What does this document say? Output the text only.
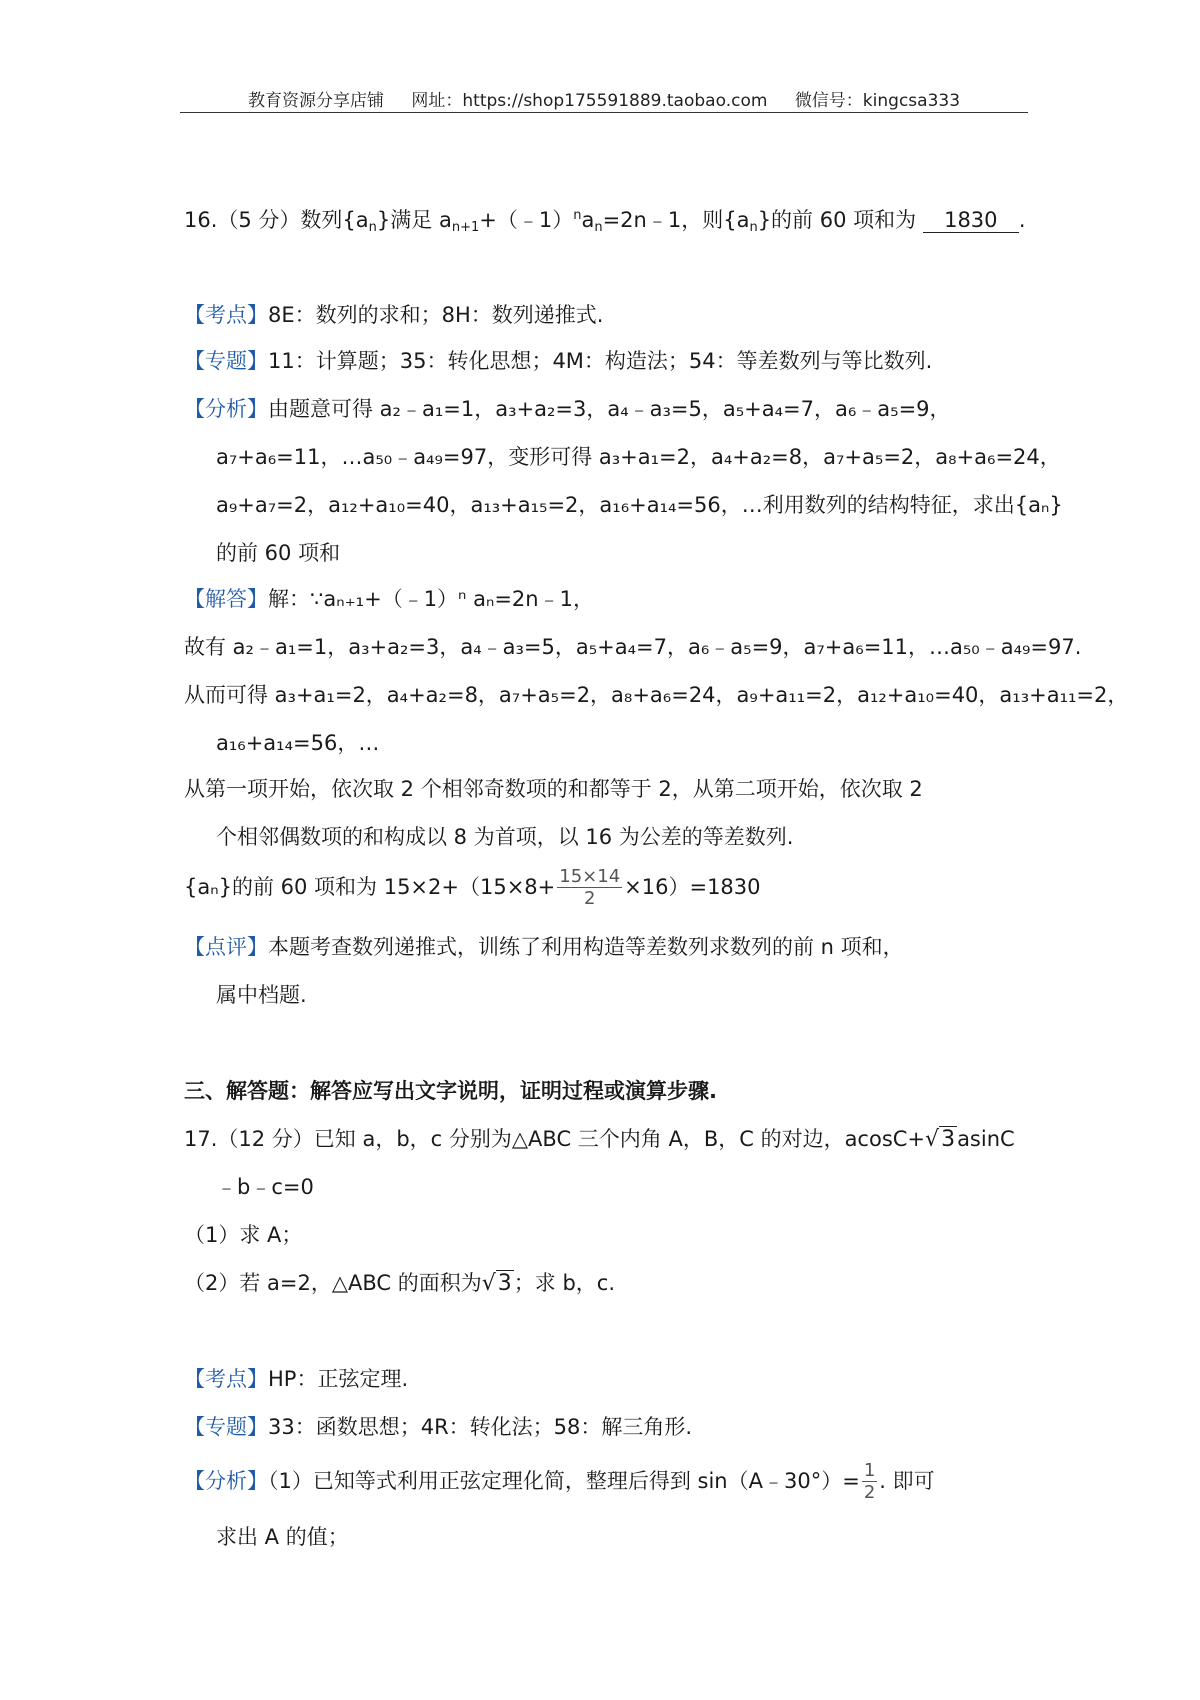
教育资源分享店铺 网址：https://shop175591889.taobao.com 微信号：kingcsa333
16.（5 分）数列$\{a_n\}$满足 $a_{n+1}+(﹣1)^na_n=2n﹣1$，则$\{a_n\}$的前 60 项和为 1830 .
【考点】8E：数列的求和；8H：数列递推式.
【专题】11：计算题；35：转化思想；4M：构造法；54：等差数列与等比数列.
【分析】由题意可得 a₂﹣a₁=1，a₃+a₂=3，a₄﹣a₃=5，a₅+a₄=7，a₆﹣a₅=9，
a₇+a₆=11，…a₅₀﹣a₄₉=97，变形可得 a₃+a₁=2，a₄+a₂=8，a₇+a₅=2，a₈+a₆=24，
a₉+a₇=2，a₁₂+a₁₀=40，a₁₃+a₁₅=2，a₁₆+a₁₄=56，…利用数列的结构特征，求出{aₙ}
的前 60 项和
【解答】解：∵aₙ₊₁+（﹣1）ⁿ aₙ=2n﹣1，
故有 a₂﹣a₁=1，a₃+a₂=3，a₄﹣a₃=5，a₅+a₄=7，a₆﹣a₅=9，a₇+a₆=11，…a₅₀﹣a₄₉=97.
从而可得 a₃+a₁=2，a₄+a₂=8，a₇+a₅=2，a₈+a₆=24，a₉+a₁₁=2，a₁₂+a₁₀=40，a₁₃+a₁₁=2，
a₁₆+a₁₄=56，…
从第一项开始，依次取 2 个相邻奇数项的和都等于 2，从第二项开始，依次取 2
个相邻偶数项的和构成以 8 为首项，以 16 为公差的等差数列.
{aₙ}的前 60 项和为 $15\times 2+(15\times 8+ \frac{15\times 14}{2} \times 16)=1830$
【点评】本题考查数列递推式，训练了利用构造等差数列求数列的前 n 项和，
属中档题.
三、解答题：解答应写出文字说明，证明过程或演算步骤.
17.（12 分）已知 a，b，c 分别为△ABC 三个内角 A，B，C 的对边，acosC+√3asinC
﹣b﹣c=0
（1）求 A；
（2）若 a=2，△ABC 的面积为√3；求 b，c.
【考点】HP：正弦定理.
【专题】33：函数思想；4R：转化法；58：解三角形.
【分析】（1）已知等式利用正弦定理化简，整理后得到 sin（A﹣30°）= $\frac{1}{2}$ . 即可
求出 A 的值；
